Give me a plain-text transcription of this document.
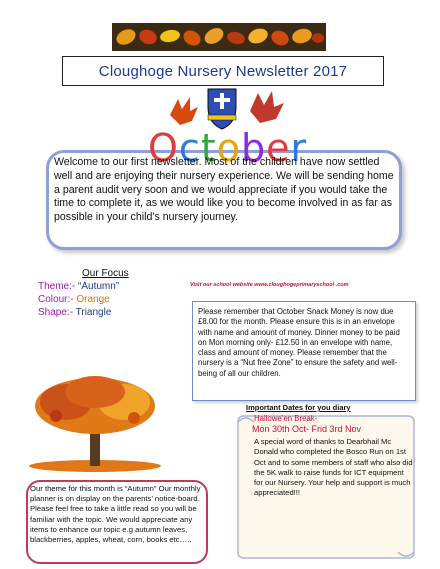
Cloughoge Nursery Newsletter 2017
October
Welcome to our first newsletter. Most of the children have now settled well and are enjoying their nursery experience. We will be sending home a parent audit very soon and we would appreciate if you would take the time to complete it, as we would like you to become involved in as far as possible in your child’s nursery journey.
Our Focus
Theme:- “Autumn”
Colour:- Orange
Shape:- Triangle
Visit our school website www.cloughogeprimaryschool .com
Please remember that October Snack Money is now due £8.00 for the month. Please ensure this is in an envelope with name and amount of money. Dinner money to be paid on Mon morning only- £12.50 in an envelope with name, class and amount of money. Please remember that the nursery is a “Nut free Zone” to ensure the safety and well-being of all our children.
Important Dates for you diary
Hallowe’en Break-
Mon 30th Oct- Frid 3rd Nov
A special word of thanks to Dearbhail Mc Donald who completed the Bosco Run on 1st Oct and to some members of staff who also did the 5K walk to raise funds for ICT equipment for our Nursery. Your help and support is much appreciated!!!
Our theme for this month is “Autumn” Our monthly planner is on display on the parents’ notice-board. Please feel free to take a little read so you will be familiar with the topic. We would appreciate any items to enhance our topic e.g autumn leaves, blackberries, apples, wheat, corn, books etc…..
